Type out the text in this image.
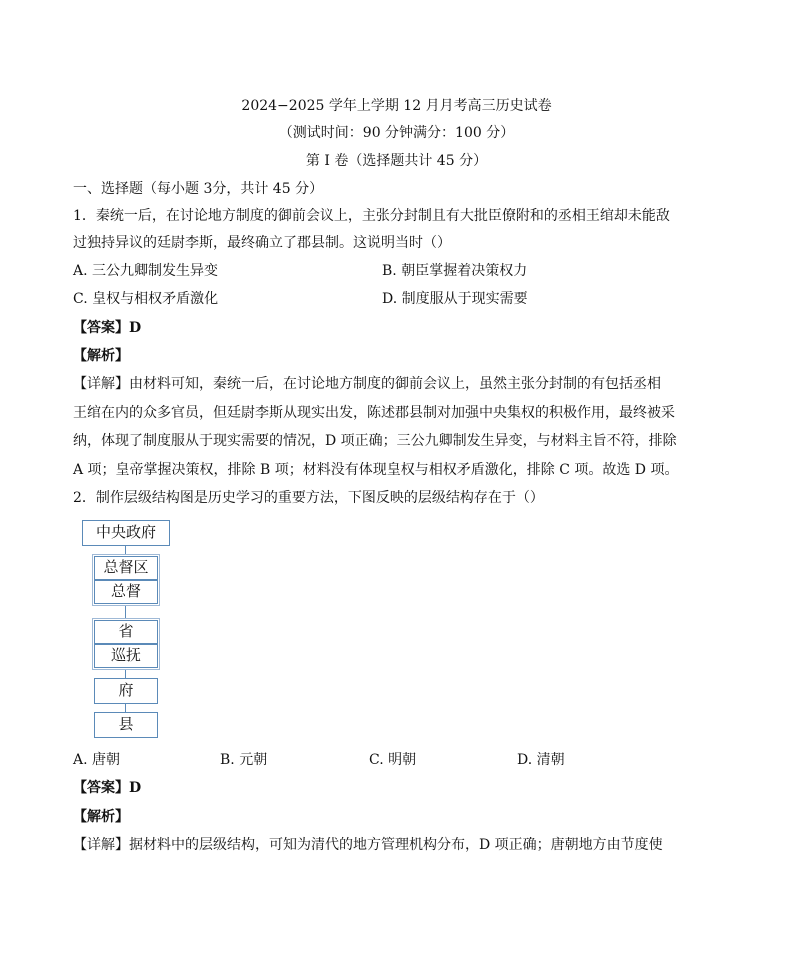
2024−2025 学年上学期 12 月月考高三历史试卷
（测试时间：90 分钟满分：100 分）
第 I 卷（选择题共计 45 分）
一、选择题（每小题 3分，共计 45 分）
1．秦统一后，在讨论地方制度的御前会议上，主张分封制且有大批臣僚附和的丞相王绾却未能敌
过独持异议的廷尉李斯，最终确立了郡县制。这说明当时（）
A. 三公九卿制发生异变	B. 朝臣掌握着决策权力
C. 皇权与相权矛盾激化	D. 制度服从于现实需要
【答案】D
【解析】
【详解】由材料可知，秦统一后，在讨论地方制度的御前会议上，虽然主张分封制的有包括丞相
王绾在内的众多官员，但廷尉李斯从现实出发，陈述郡县制对加强中央集权的积极作用，最终被采
纳，体现了制度服从于现实需要的情况，D 项正确；三公九卿制发生异变，与材料主旨不符，排除
A 项；皇帝掌握决策权，排除 B 项；材料没有体现皇权与相权矛盾激化，排除 C 项。故选 D 项。
2．制作层级结构图是历史学习的重要方法，下图反映的层级结构存在于（）
中央政府
总督区
总督
省
巡抚
府
县
A. 唐朝	B. 元朝	C. 明朝	D. 清朝
【答案】D
【解析】
【详解】据材料中的层级结构，可知为清代的地方管理机构分布，D 项正确；唐朝地方由节度使
